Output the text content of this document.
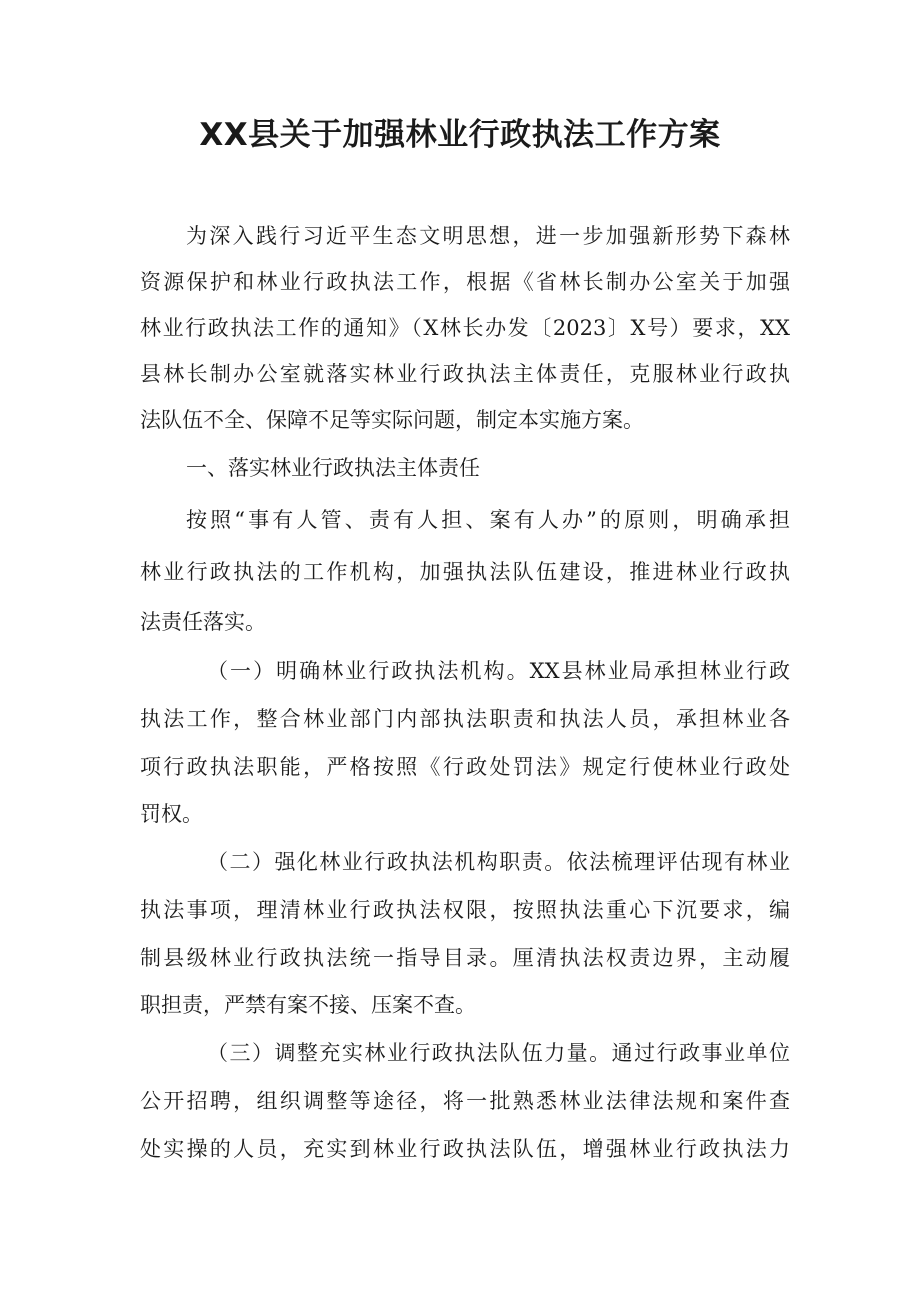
XX县关于加强林业行政执法工作方案

为深入践行习近平生态文明思想，进一步加强新形势下森林

资源保护和林业行政执法工作，根据《省林长制办公室关于加强

林业行政执法工作的通知》（X林长办发〔2023〕X号）要求，XX

县林长制办公室就落实林业行政执法主体责任，克服林业行政执

法队伍不全、保障不足等实际问题，制定本实施方案。

一、落实林业行政执法主体责任

按照“事有人管、责有人担、案有人办”的原则，明确承担

林业行政执法的工作机构，加强执法队伍建设，推进林业行政执

法责任落实。

（一）明确林业行政执法机构。XX县林业局承担林业行政

执法工作，整合林业部门内部执法职责和执法人员，承担林业各

项行政执法职能，严格按照《行政处罚法》规定行使林业行政处

罚权。

（二）强化林业行政执法机构职责。依法梳理评估现有林业

执法事项，理清林业行政执法权限，按照执法重心下沉要求，编

制县级林业行政执法统一指导目录。厘清执法权责边界，主动履

职担责，严禁有案不接、压案不查。

（三）调整充实林业行政执法队伍力量。通过行政事业单位

公开招聘，组织调整等途径，将一批熟悉林业法律法规和案件查

处实操的人员，充实到林业行政执法队伍，增强林业行政执法力
